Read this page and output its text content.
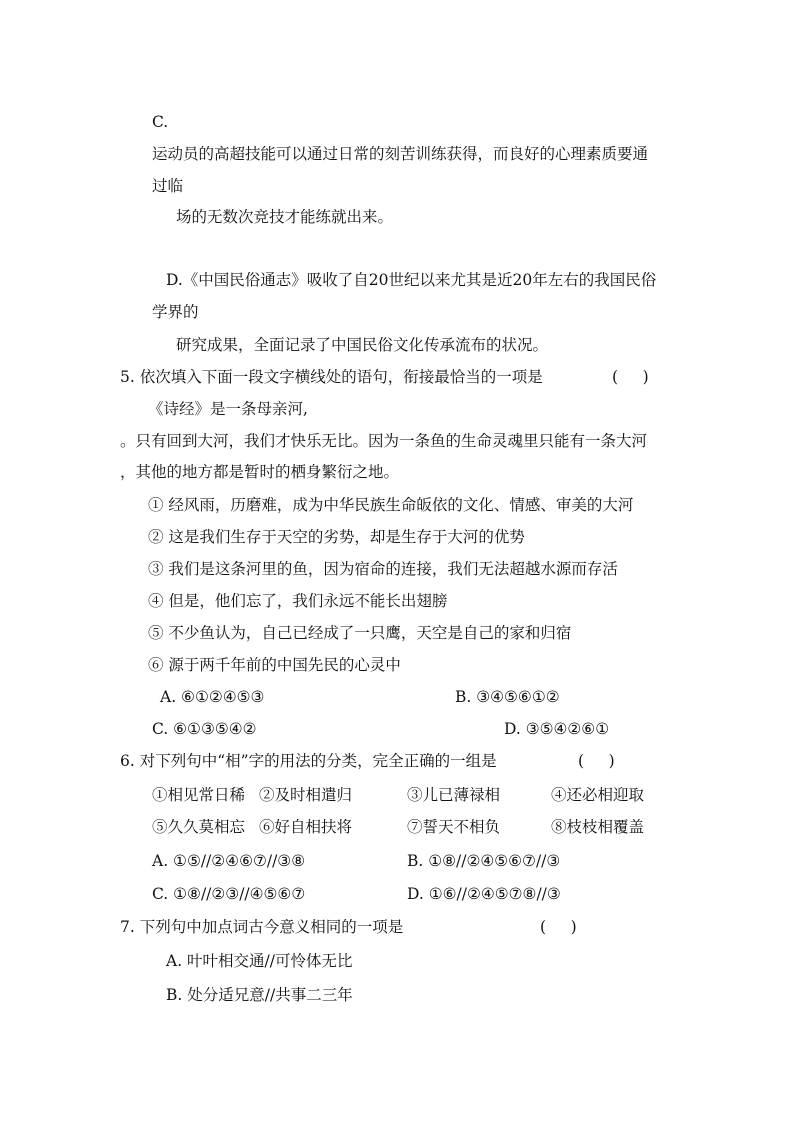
C.
运动员的高超技能可以通过日常的刻苦训练获得，而良好的心理素质要通
过临
场的无数次竞技才能练就出来。
D.《中国民俗通志》吸收了自20世纪以来尤其是近20年左右的我国民俗
学界的
研究成果，全面记录了中国民俗文化传承流布的状况。
5. 依次填入下面一段文字横线处的语句，衔接最恰当的一项是	(     )
《诗经》是一条母亲河,
。只有回到大河，我们才快乐无比。因为一条鱼的生命灵魂里只能有一条大河
，其他的地方都是暂时的栖身繁衍之地。
① 经风雨，历磨难，成为中华民族生命皈依的文化、情感、审美的大河
② 这是我们生存于天空的劣势，却是生存于大河的优势
③ 我们是这条河里的鱼，因为宿命的连接，我们无法超越水源而存活
④ 但是，他们忘了，我们永远不能长出翅膀
⑤ 不少鱼认为，自己已经成了一只鹰，天空是自己的家和归宿
⑥ 源于两千年前的中国先民的心灵中
A. ⑥①②④⑤③	B. ③④⑤⑥①②
C. ⑥①③⑤④②	D. ③⑤④②⑥①
6. 对下列句中“相”字的用法的分类，完全正确的一组是	(     )
①相见常日稀 ②及时相遣归	③儿已薄禄相	④还必相迎取
⑤久久莫相忘 ⑥好自相扶将	⑦誓天不相负	⑧枝枝相覆盖
A. ①⑤//②④⑥⑦//③⑧	B. ①⑧//②④⑤⑥⑦//③
C. ①⑧//②③//④⑤⑥⑦	D. ①⑥//②④⑤⑦⑧//③
7. 下列句中加点词古今意义相同的一项是	(     )
A. 叶叶相交通//可怜体无比
B. 处分适兄意//共事二三年
